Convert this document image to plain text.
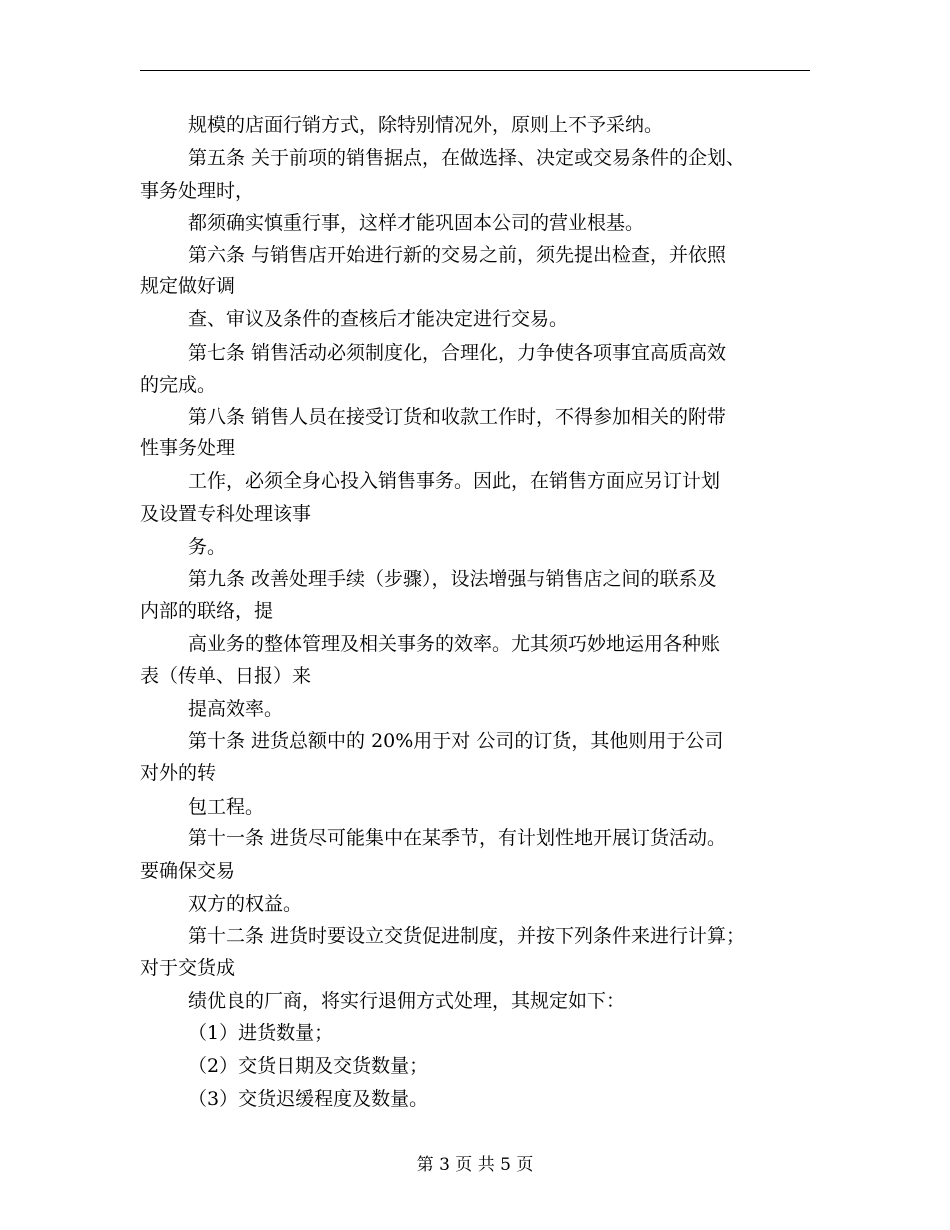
规模的店面行销方式，除特别情况外，原则上不予采纳。
第五条 关于前项的销售据点，在做选择、决定或交易条件的企划、
事务处理时，
都须确实慎重行事，这样才能巩固本公司的营业根基。
第六条 与销售店开始进行新的交易之前，须先提出检查，并依照
规定做好调
查、审议及条件的查核后才能决定进行交易。
第七条 销售活动必须制度化，合理化，力争使各项事宜高质高效
的完成。
第八条 销售人员在接受订货和收款工作时，不得参加相关的附带
性事务处理
工作，必须全身心投入销售事务。因此，在销售方面应另订计划
及设置专科处理该事
务。
第九条 改善处理手续（步骤），设法增强与销售店之间的联系及
内部的联络，提
高业务的整体管理及相关事务的效率。尤其须巧妙地运用各种账
表（传单、日报）来
提高效率。
第十条 进货总额中的 20%用于对 公司的订货，其他则用于公司
对外的转
包工程。
第十一条 进货尽可能集中在某季节，有计划性地开展订货活动。
要确保交易
双方的权益。
第十二条 进货时要设立交货促进制度，并按下列条件来进行计算；
对于交货成
绩优良的厂商，将实行退佣方式处理，其规定如下：
（1）进货数量；
（2）交货日期及交货数量；
（3）交货迟缓程度及数量。
第 3 页 共 5 页
